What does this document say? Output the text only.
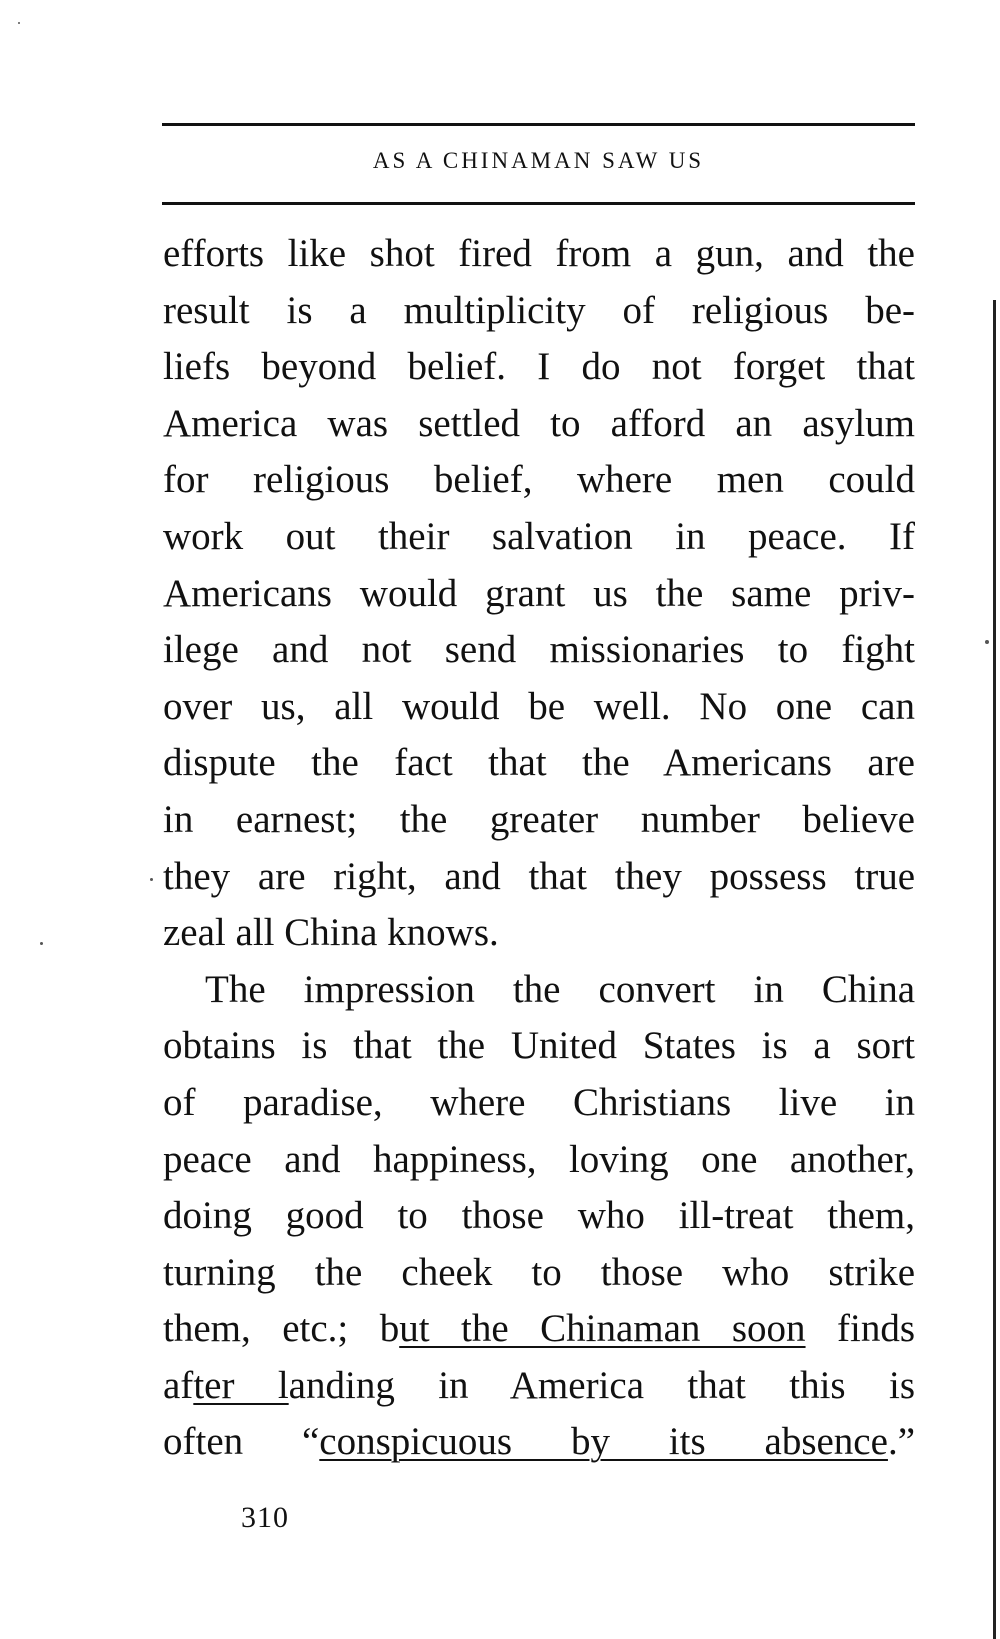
AS A CHINAMAN SAW US
efforts like shot fired from a gun, and the
result is a multiplicity of religious be-
liefs beyond belief. I do not forget that
America was settled to afford an asylum
for religious belief, where men could
work out their salvation in peace. If
Americans would grant us the same priv-
ilege and not send missionaries to fight
over us, all would be well. No one can
dispute the fact that the Americans are
in earnest; the greater number believe
they are right, and that they possess true
zeal all China knows.
The impression the convert in China
obtains is that the United States is a sort
of paradise, where Christians live in
peace and happiness, loving one another,
doing good to those who ill-treat them,
turning the cheek to those who strike
them, etc.; but the Chinaman soon finds
after landing in America that this is
often “conspicuous by its absence.”
310
